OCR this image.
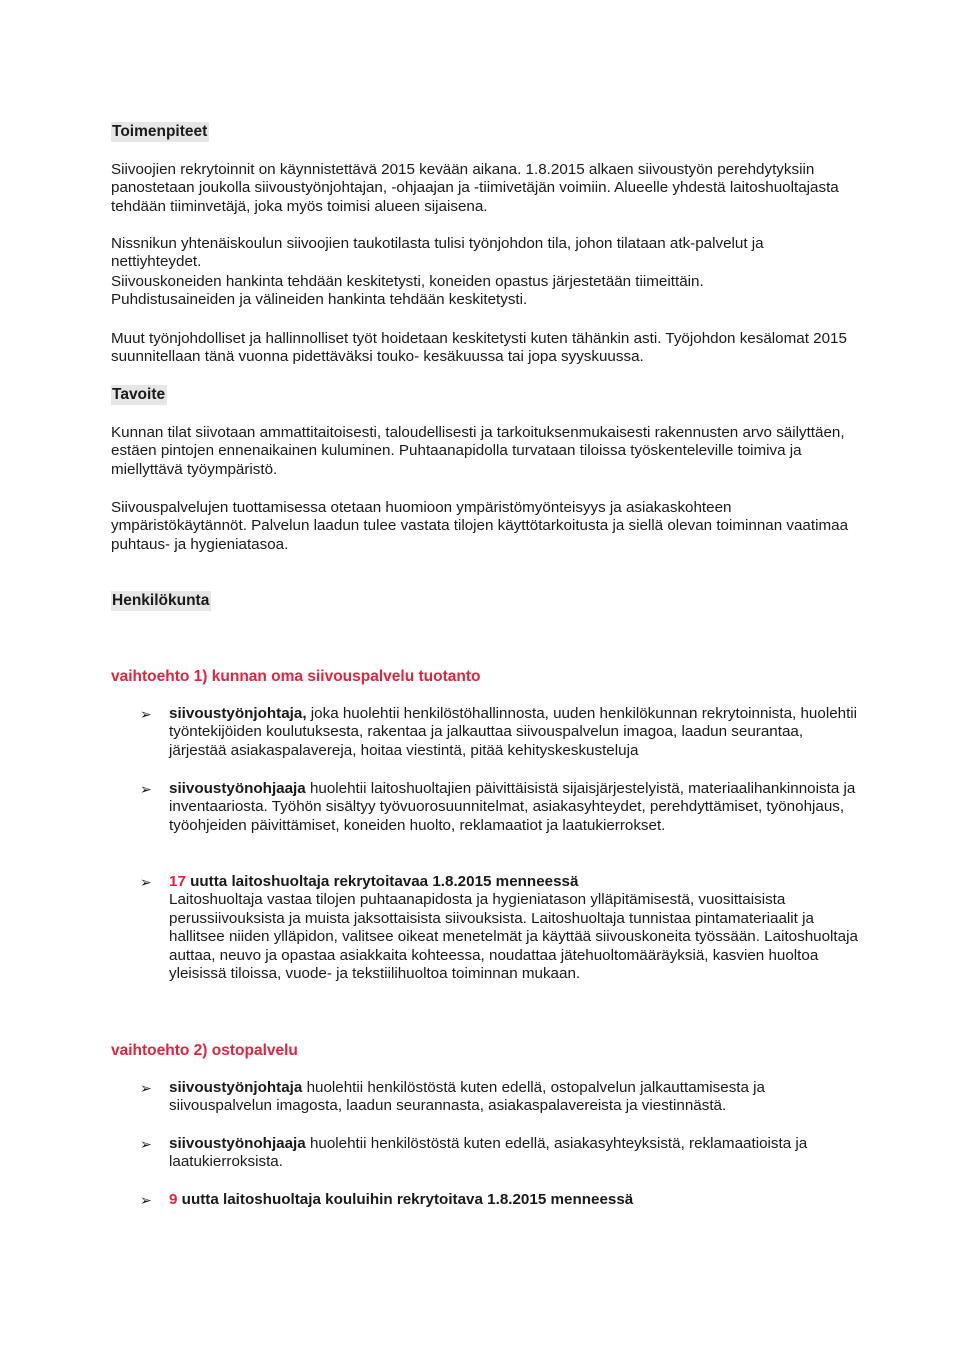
Toimenpiteet

Siivoojien rekrytoinnit on käynnistettävä 2015 kevään aikana. 1.8.2015 alkaen siivoustyön perehdytyksiin panostetaan joukolla siivoustyönjohtajan, -ohjaajan ja -tiimivetäjän voimiin. Alueelle yhdestä laitoshuoltajasta tehdään tiiminvetäjä, joka myös toimisi alueen sijaisena.

Nissnikun yhtenäiskoulun siivoojien taukotilasta tulisi työnjohdon tila, johon tilataan atk-palvelut ja nettiyhteydet.

Siivouskoneiden hankinta tehdään keskitetysti, koneiden opastus järjestetään tiimeittäin.

Puhdistusaineiden ja välineiden hankinta tehdään keskitetysti.

Muut työnjohdolliset ja hallinnolliset työt hoidetaan keskitetysti kuten tähänkin asti. Työjohdon kesälomat 2015 suunnitellaan tänä vuonna pidettäväksi touko- kesäkuussa tai jopa syyskuussa.

Tavoite

Kunnan tilat siivotaan ammattitaitoisesti, taloudellisesti ja tarkoituksenmukaisesti rakennusten arvo säilyttäen, estäen pintojen ennenaikainen kuluminen. Puhtaanapidolla turvataan tiloissa työskenteleville toimiva ja miellyttävä työympäristö.

Siivouspalvelujen tuottamisessa otetaan huomioon ympäristömyönteisyys ja asiakaskohteen ympäristökäytännöt. Palvelun laadun tulee vastata tilojen käyttötarkoitusta ja siellä olevan toiminnan vaatimaa puhtaus- ja hygieniatasoa.

Henkilökunta
vaihtoehto 1) kunnan oma siivouspalvelu tuotanto
➢ siivoustyönjohtaja, joka huolehtii henkilöstöhallinnosta, uuden henkilökunnan rekrytoinnista, huolehtii työntekijöiden koulutuksesta, rakentaa ja jalkauttaa siivouspalvelun imagoa, laadun seurantaa, järjestää asiakaspalavereja, hoitaa viestintä, pitää kehityskeskusteluja

➢ siivoustyönohjaaja huolehtii laitoshuoltajien päivittäisistä sijaisjärjestelyistä, materiaalihankinnoista ja inventaariosta. Työhön sisältyy työvuorosuunnitelmat, asiakasyhteydet, perehdyttämiset, työnohjaus, työohjeiden päivittämiset, koneiden huolto, reklamaatiot ja laatukierrokset.

➢ 17 uutta laitoshuoltaja rekrytoitavaa 1.8.2015 menneessä
Laitoshuoltaja vastaa tilojen puhtaanapidosta ja hygieniatason ylläpitämisestä, vuosittaisista perussiivouksista ja muista jaksottaisista siivouksista. Laitoshuoltaja tunnistaa pintamateriaalit ja hallitsee niiden ylläpidon, valitsee oikeat menetelmät ja käyttää siivouskoneita työssään. Laitoshuoltaja auttaa, neuvo ja opastaa asiakkaita kohteessa, noudattaa jätehuoltomääräyksiä, kasvien huoltoa yleisissä tiloissa, vuode- ja tekstiilihuoltoa toiminnan mukaan.

vaihtoehto 2) ostopalvelu
➢ siivoustyönjohtaja huolehtii henkilöstöstä kuten edellä, ostopalvelun jalkauttamisesta ja siivouspalvelun imagosta, laadun seurannasta, asiakaspalavereista ja viestinnästä.

➢ siivoustyönohjaaja huolehtii henkilöstöstä kuten edellä, asiakasyhteyksistä, reklamaatioista ja laatukierroksista.

➢ 9 uutta laitoshuoltaja kouluihin rekrytoitava 1.8.2015 menneessä
